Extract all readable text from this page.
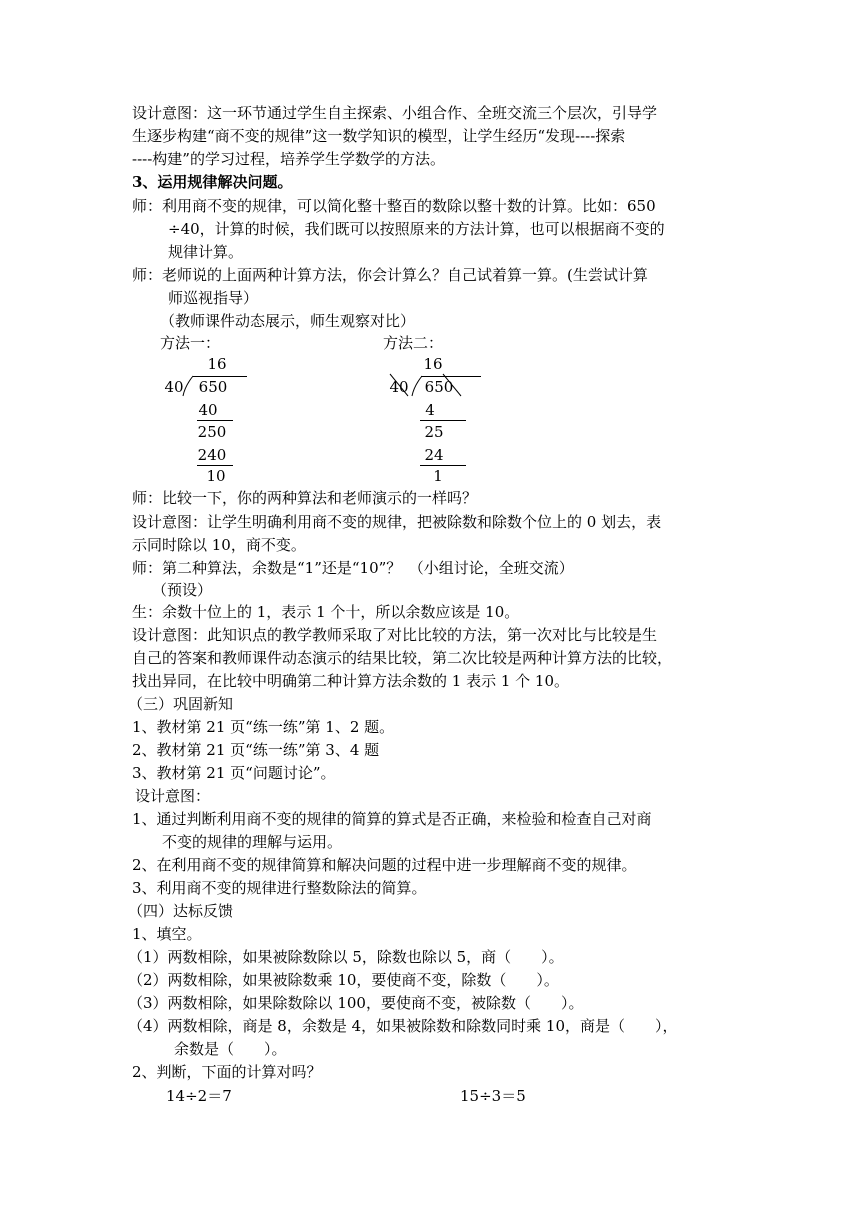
设计意图：这一环节通过学生自主探索、小组合作、全班交流三个层次，引导学

生逐步构建“商不变的规律”这一数学知识的模型，让学生经历“发现----探索

----构建”的学习过程，培养学生学数学的方法。

3、运用规律解决问题。

师：利用商不变的规律，可以简化整十整百的数除以整十数的计算。比如：650

÷40，计算的时候，我们既可以按照原来的方法计算，也可以根据商不变的

规律计算。

师：老师说的上面两种计算方法，你会计算么？自己试着算一算。(生尝试计算

师巡视指导）

（教师课件动态展示，师生观察对比）

方法一：	方法二：

16
40	650
40
250
240
10
16
40	650
4
25
24
1

师：比较一下，你的两种算法和老师演示的一样吗？

设计意图：让学生明确利用商不变的规律，把被除数和除数个位上的 0 划去，表

示同时除以 10，商不变。

师：第二种算法，余数是“1”还是“10”？　（小组讨论，全班交流）

（预设）

生：余数十位上的 1，表示 1 个十，所以余数应该是 10。

设计意图：此知识点的教学教师采取了对比比较的方法，第一次对比与比较是生

自己的答案和教师课件动态演示的结果比较，第二次比较是两种计算方法的比较，

找出异同，在比较中明确第二种计算方法余数的 1 表示 1 个 10。

（三）巩固新知

1、教材第 21 页“练一练”第 1、2 题。

2、教材第 21 页“练一练”第 3、4 题

3、教材第 21 页“问题讨论”。

设计意图：

1、通过判断利用商不变的规律的简算的算式是否正确，来检验和检查自己对商

不变的规律的理解与运用。

2、在利用商不变的规律简算和解决问题的过程中进一步理解商不变的规律。

3、利用商不变的规律进行整数除法的简算。

（四）达标反馈

1、填空。

（1）两数相除，如果被除数除以 5，除数也除以 5，商（　　）。

（2）两数相除，如果被除数乘 10，要使商不变，除数（　　）。

（3）两数相除，如果除数除以 100，要使商不变，被除数（　　）。

（4）两数相除，商是 8，余数是 4，如果被除数和除数同时乘 10，商是（　　），

余数是（　　）。

2、判断，下面的计算对吗？

14÷2＝7	15÷3＝5
